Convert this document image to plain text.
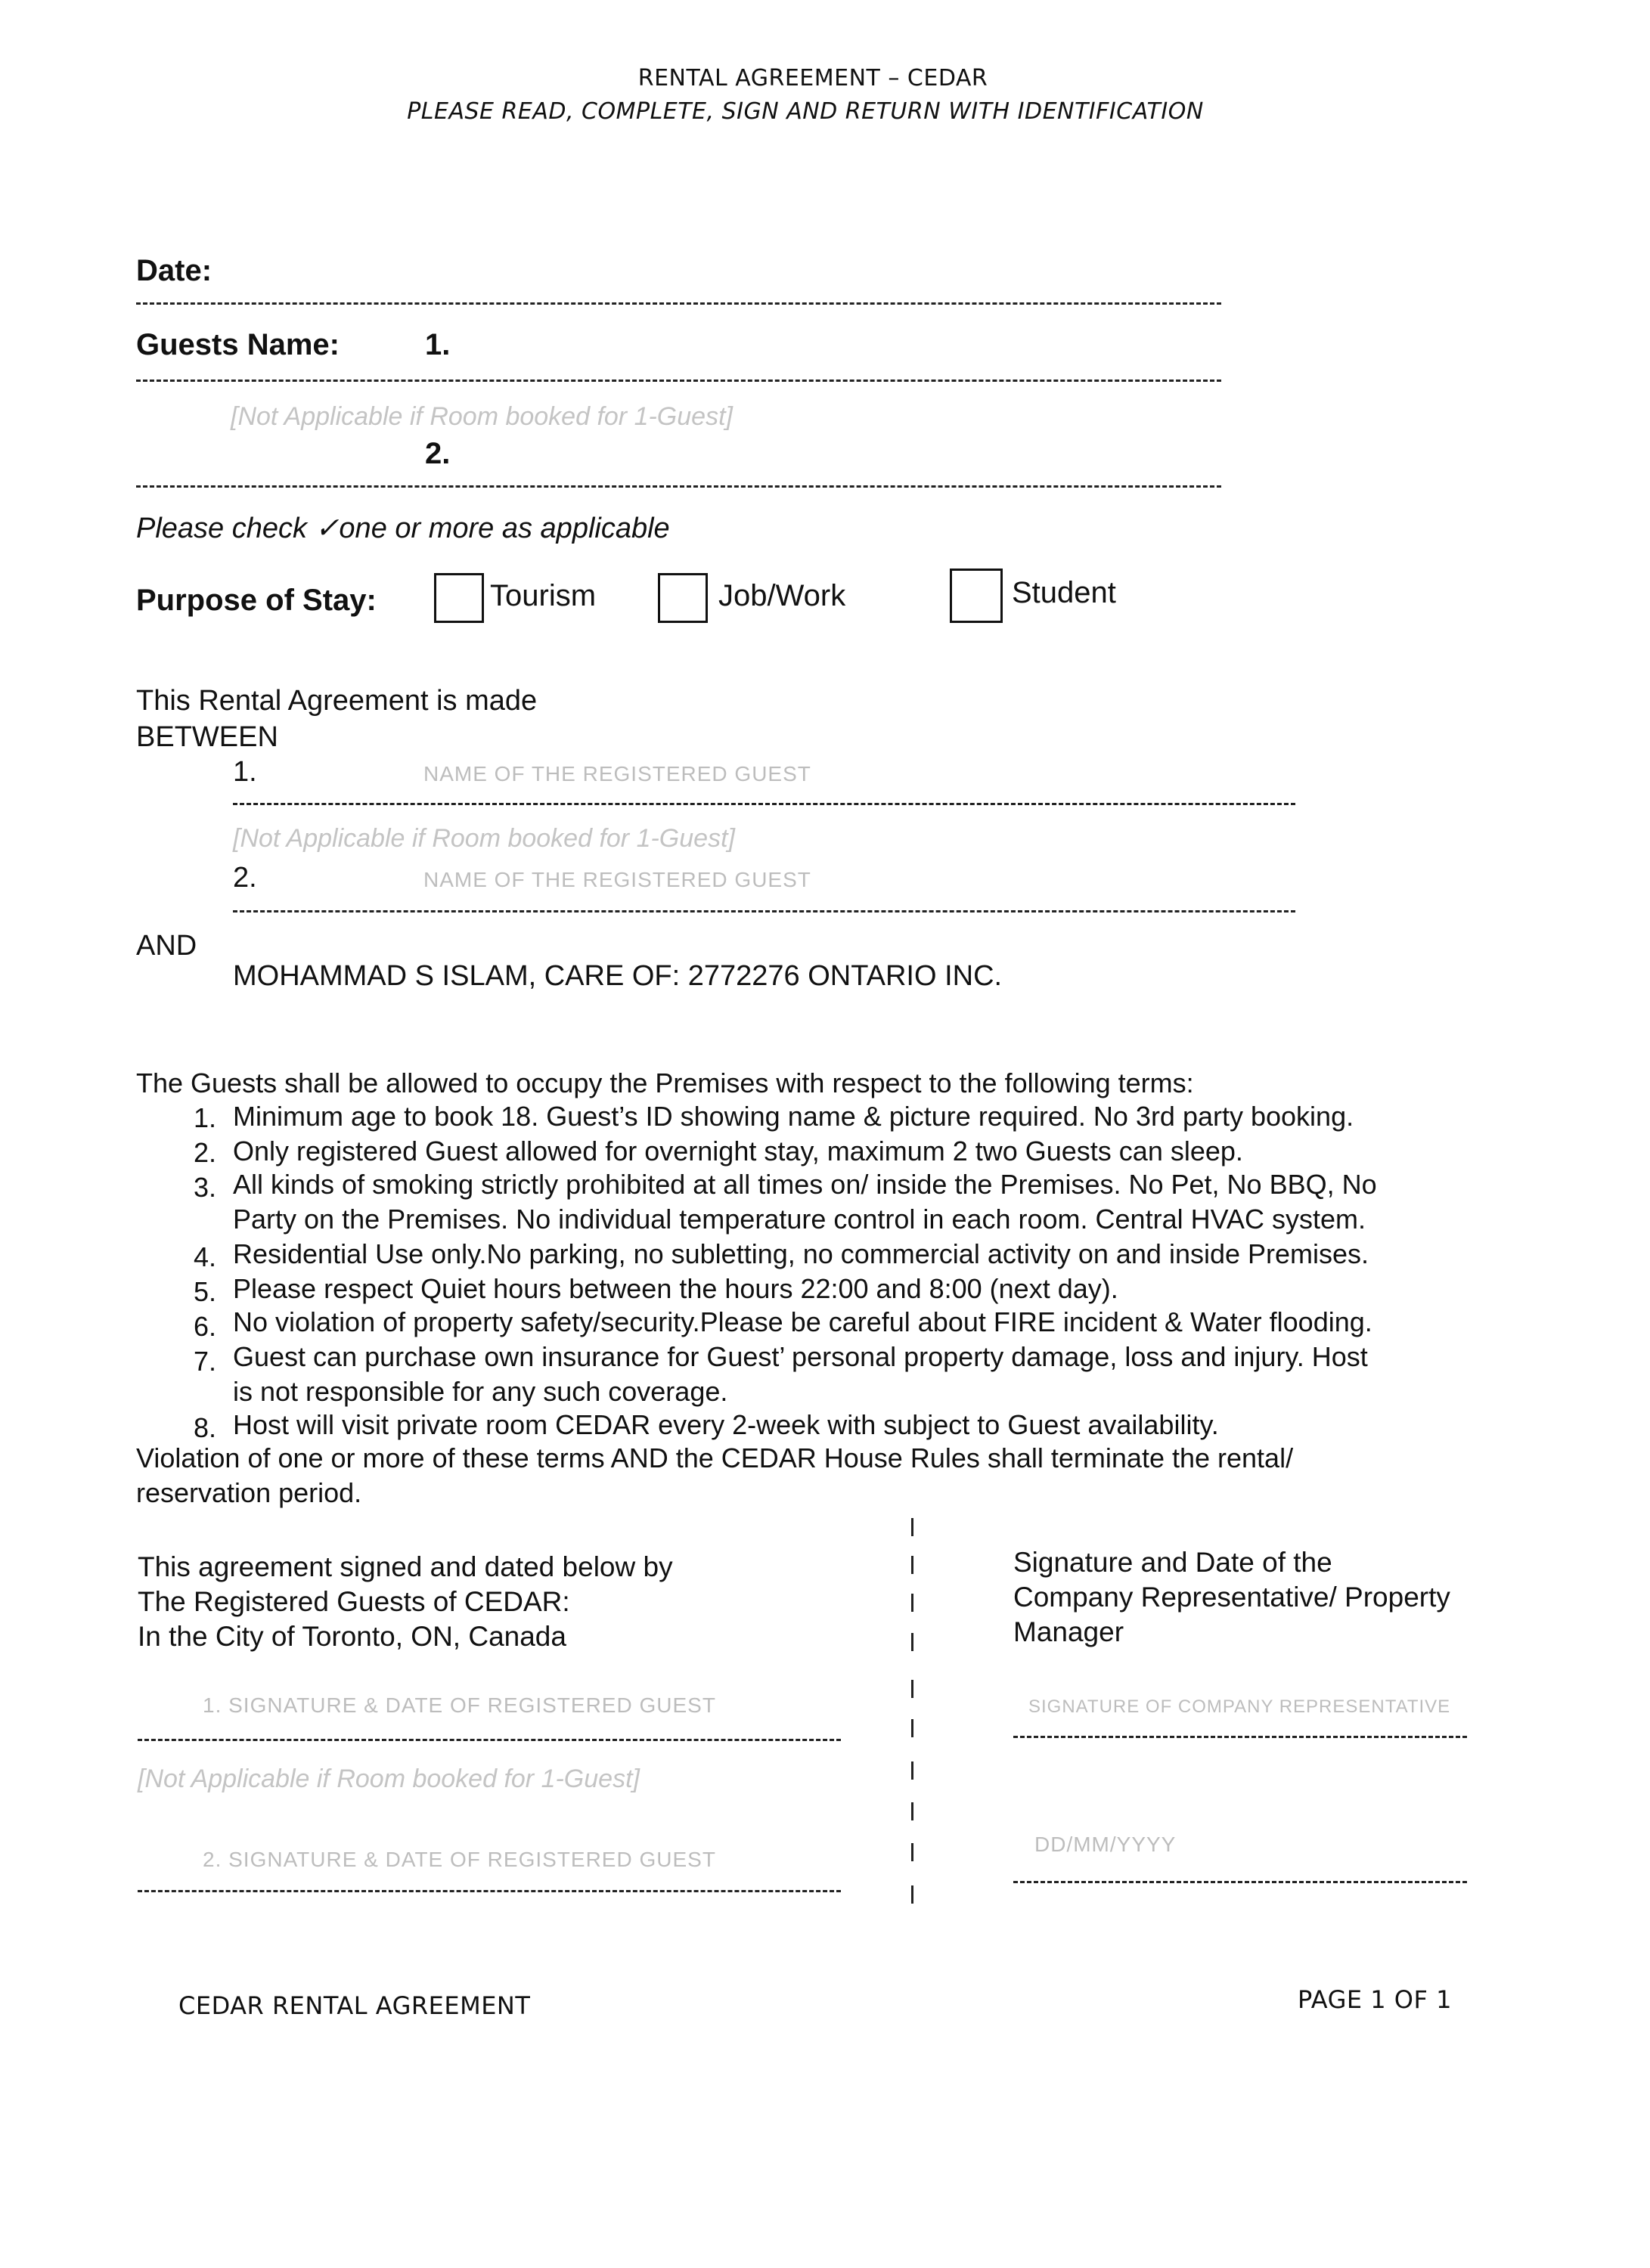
RENTAL AGREEMENT – CEDAR
PLEASE READ, COMPLETE, SIGN AND RETURN WITH IDENTIFICATION
Date:
Guests Name:	1.
[Not Applicable if Room booked for 1-Guest]
2.
Please check ✓one or more as applicable
Purpose of Stay:	Tourism	Job/Work	Student
This Rental Agreement is made
BETWEEN
1.	NAME OF THE REGISTERED GUEST
[Not Applicable if Room booked for 1-Guest]
2.	NAME OF THE REGISTERED GUEST
AND
MOHAMMAD S ISLAM, CARE OF: 2772276 ONTARIO INC.
The Guests shall be allowed to occupy the Premises with respect to the following terms:
1. Minimum age to book 18. Guest’s ID showing name & picture required. No 3rd party booking.
2. Only registered Guest allowed for overnight stay, maximum 2 two Guests can sleep.
3. All kinds of smoking strictly prohibited at all times on/ inside the Premises. No Pet, No BBQ, No
Party on the Premises. No individual temperature control in each room. Central HVAC system.
4. Residential Use only.No parking, no subletting, no commercial activity on and inside Premises.
5. Please respect Quiet hours between the hours 22:00 and 8:00 (next day).
6. No violation of property safety/security.Please be careful about FIRE incident & Water flooding.
7. Guest can purchase own insurance for Guest’ personal property damage, loss and injury. Host
is not responsible for any such coverage.
8. Host will visit private room CEDAR every 2-week with subject to Guest availability.
Violation of one or more of these terms AND the CEDAR House Rules shall terminate the rental/
reservation period.
This agreement signed and dated below by
The Registered Guests of CEDAR:
In the City of Toronto, ON, Canada
1. SIGNATURE & DATE OF REGISTERED GUEST
[Not Applicable if Room booked for 1-Guest]
2. SIGNATURE & DATE OF REGISTERED GUEST
Signature and Date of the
Company Representative/ Property
Manager
SIGNATURE OF COMPANY REPRESENTATIVE
DD/MM/YYYY
CEDAR RENTAL AGREEMENT	PAGE 1 OF 1
